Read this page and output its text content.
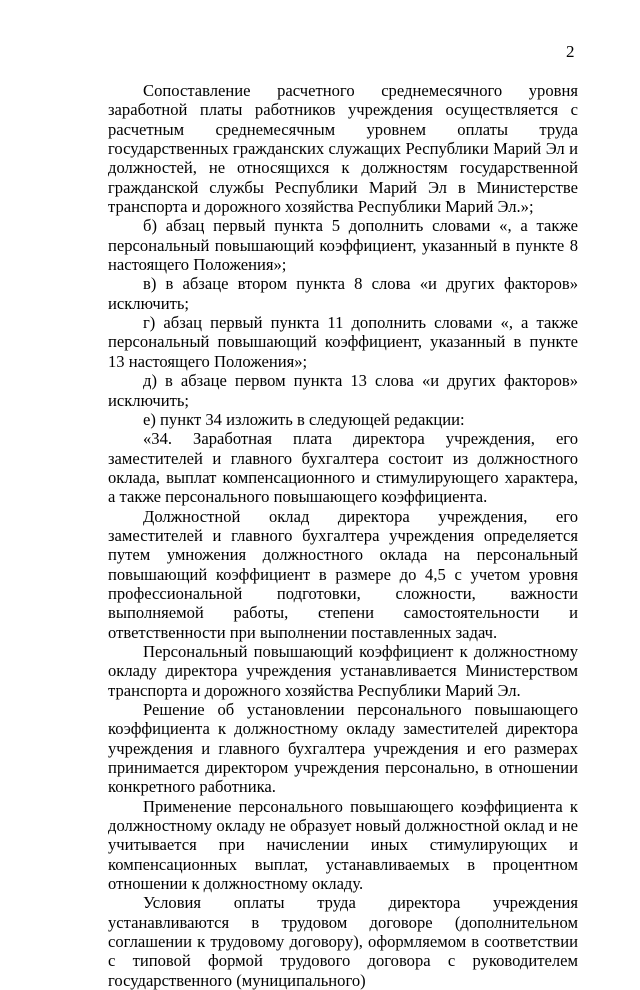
2

Сопоставление расчетного среднемесячного уровня заработной платы работников учреждения осуществляется с расчетным среднемесячным уровнем оплаты труда государственных гражданских служащих Республики Марий Эл и должностей, не относящихся к должностям государственной гражданской службы Республики Марий Эл в Министерстве транспорта и дорожного хозяйства Республики Марий Эл.»;

б) абзац первый пункта 5 дополнить словами «, а также персональный повышающий коэффициент, указанный в пункте 8 настоящего Положения»;

в) в абзаце втором пункта 8 слова «и других факторов» исключить;

г) абзац первый пункта 11 дополнить словами «, а также персональный повышающий коэффициент, указанный в пункте 13 настоящего Положения»;

д) в абзаце первом пункта 13 слова «и других факторов» исключить;

е) пункт 34 изложить в следующей редакции:

«34. Заработная плата директора учреждения, его заместителей и главного бухгалтера состоит из должностного оклада, выплат компенсационного и стимулирующего характера, а также персонального повышающего коэффициента.

Должностной оклад директора учреждения, его заместителей и главного бухгалтера учреждения определяется путем умножения должностного оклада на персональный повышающий коэффициент в размере до 4,5 с учетом уровня профессиональной подготовки, сложности, важности выполняемой работы, степени самостоятельности и ответственности при выполнении поставленных задач.

Персональный повышающий коэффициент к должностному окладу директора учреждения устанавливается Министерством транспорта и дорожного хозяйства Республики Марий Эл.

Решение об установлении персонального повышающего коэффициента к должностному окладу заместителей директора учреждения и главного бухгалтера учреждения и его размерах принимается директором учреждения персонально, в отношении конкретного работника.

Применение персонального повышающего коэффициента к должностному окладу не образует новый должностной оклад и не учитывается при начислении иных стимулирующих и компенсационных выплат, устанавливаемых в процентном отношении к должностному окладу.

Условия оплаты труда директора учреждения устанавливаются в трудовом договоре (дополнительном соглашении к трудовому договору), оформляемом в соответствии с типовой формой трудового договора с руководителем государственного (муниципального)
